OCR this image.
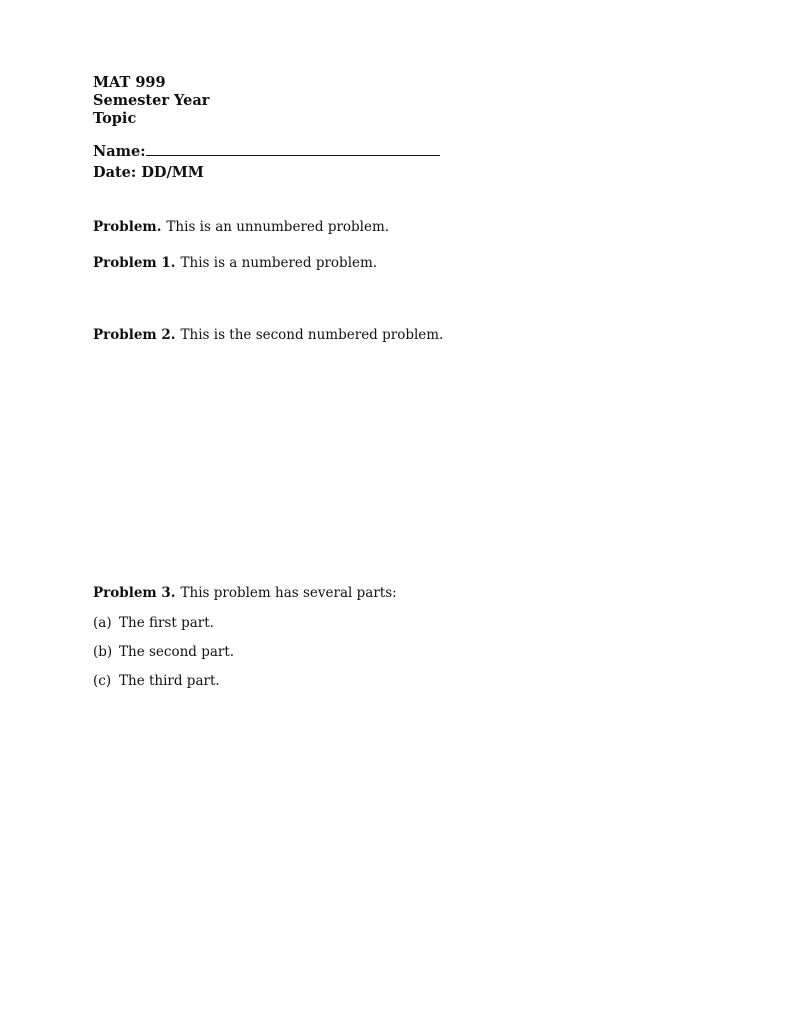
MAT 999
Semester Year
Topic
Name:
Date: DD/MM
Problem. This is an unnumbered problem.
Problem 1. This is a numbered problem.
Problem 2. This is the second numbered problem.
Problem 3. This problem has several parts:
(a) The first part.
(b) The second part.
(c) The third part.
